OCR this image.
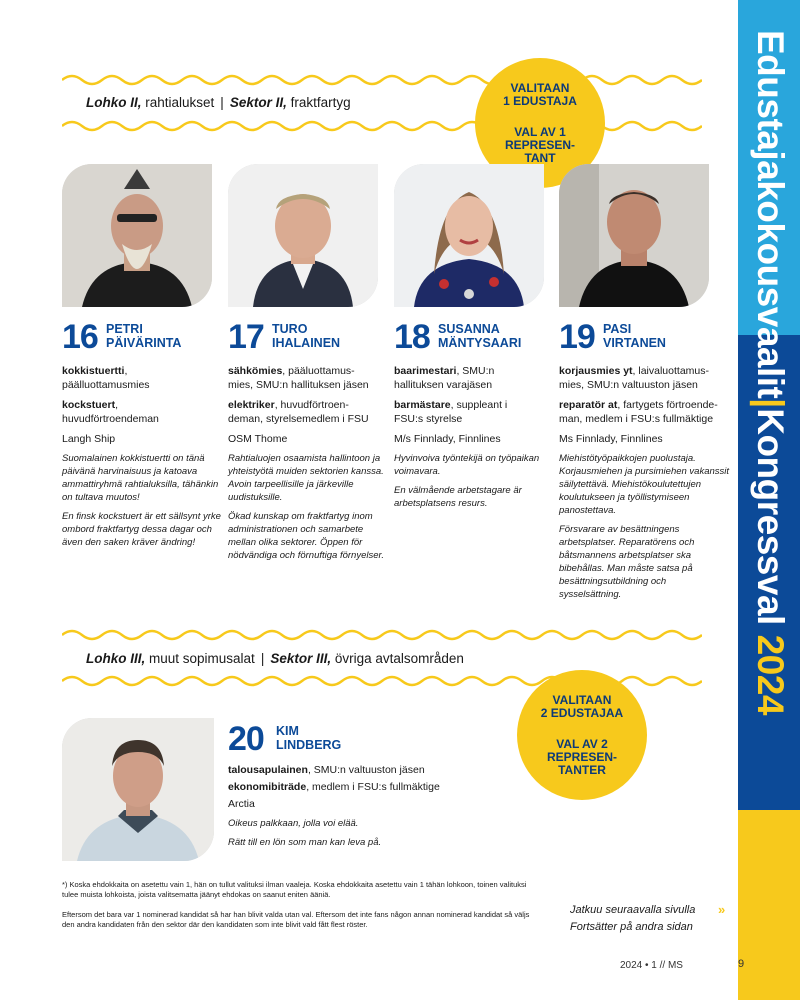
Edustajakokousvaalit|Kongressval 2024
Lohko II, rahtialukset | Sektor II, fraktfartyg
VALITAAN
1 EDUSTAJA
VAL AV 1
REPRESEN-
TANT
16 PETRI
PÄIVÄRINTA

kokkistuertti,
päälluottamusmies

kockstuert,
huvudförtroendeman

Langh Ship

Suomalainen kokkistuertti on tänä päivänä harvinaisuus ja katoava ammattiryhmä rahtialuksilla, tähänkin on tultava muutos!

En finsk kockstuert är ett sällsynt yrke ombord fraktfartyg dessa dagar och även den saken kräver ändring!

17 TURO
IHALAINEN

sähkömies, pääluottamus-
mies, SMU:n hallituksen jäsen

elektriker, huvudförtroen-
deman, styrelsemedlem i FSU

OSM Thome

Rahtialuojen osaamista hallintoon ja yhteistyötä muiden sektorien kanssa. Avoin tarpeellisille ja järkeville uudistuksille.

Ökad kunskap om fraktfartyg inom administrationen och samarbete mellan olika sektorer. Öppen för nödvändiga och förnuftiga förnyelser.

18 SUSANNA
MÄNTYSAARI

baarimestari, SMU:n
hallituksen varajäsen

barmästare, suppleant i
FSU:s styrelse

M/s Finnlady, Finnlines

Hyvinvoiva työntekijä on työpaikan voimavara.

En välmående arbetstagare är arbetsplatsens resurs.

19 PASI
VIRTANEN

korjausmies yt, laivaluottamus-
mies, SMU:n valtuuston jäsen

reparatör at, fartygets förtroende-
man, medlem i FSU:s fullmäktige

Ms Finnlady, Finnlines

Miehistötyöpaikkojen puolustaja. Korjausmiehen ja pursimiehen vakanssit säilytettävä. Miehistökoulutettujen koulutukseen ja työllistymiseen panostettava.

Försvarare av besättningens arbetsplatser. Reparatörens och båtsmannens arbetsplatser ska bibehållas. Man måste satsa på besättningsutbildning och sysselsättning.

Lohko III, muut sopimusalat | Sektor III, övriga avtalsområden
VALITAAN
2 EDUSTAJAA
VAL AV 2
REPRESEN-
TANTER
20 KIM
LINDBERG

talousapulainen, SMU:n valtuuston jäsen

ekonomibiträde, medlem i FSU:s fullmäktige

Arctia

Oikeus palkkaan, jolla voi elää.

Rätt till en lön som man kan leva på.

*) Koska ehdokkaita on asetettu vain 1, hän on tullut valituksi ilman vaaleja. Koska ehdokkaita asetettu vain 1 tähän lohkoon, toinen valituksi tulee muista lohkoista, joista valitsematta jäänyt ehdokas on saanut eniten ääniä.
Eftersom det bara var 1 nominerad kandidat så har han blivit valda utan val. Eftersom det inte fans någon annan nominerad kandidat så väljs den andra kandidaten från den sektor där den kandidaten som inte blivit vald fått flest röster.
Jatkuu seuraavalla sivulla
Fortsätter på andra sidan
»
2024 • 1 // MS	9
